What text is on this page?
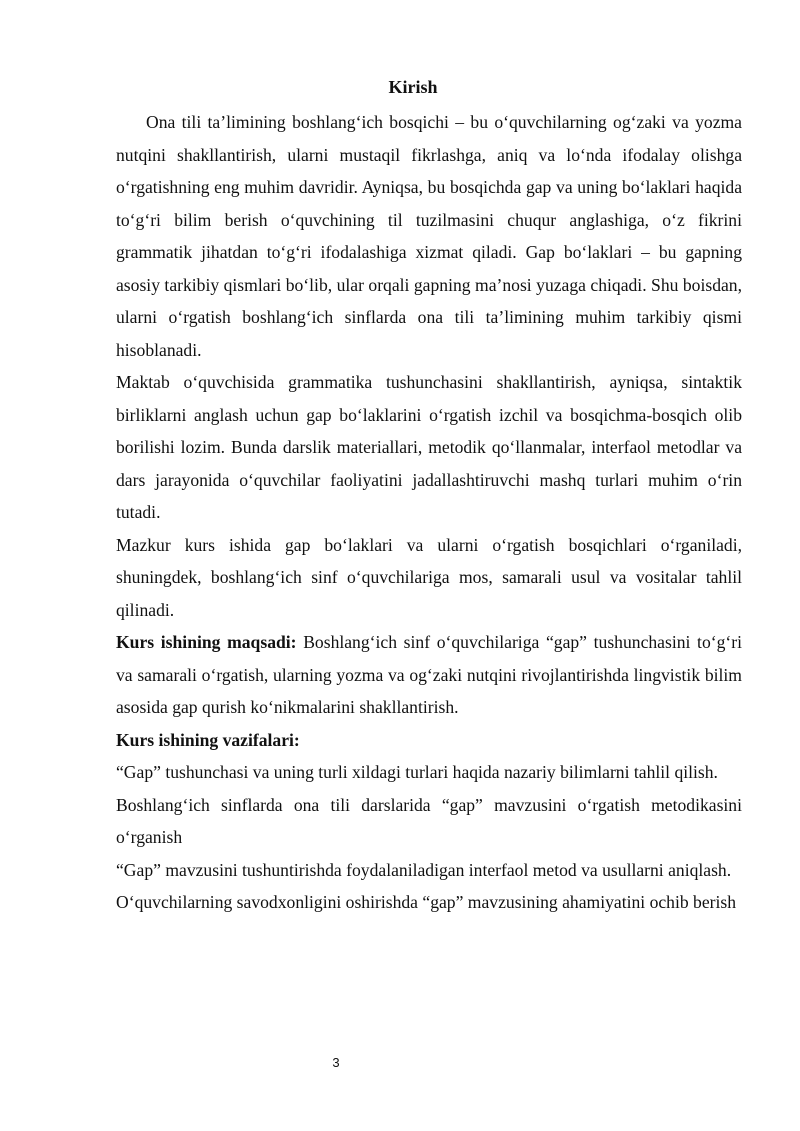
Kirish

Ona tili ta’limining boshlang‘ich bosqichi – bu o‘quvchilarning og‘zaki va yozma nutqini shakllantirish, ularni mustaqil fikrlashga, aniq va lo‘nda ifodalay olishga o‘rgatishning eng muhim davridir. Ayniqsa, bu bosqichda gap va uning bo‘laklari haqida to‘g‘ri bilim berish o‘quvchining til tuzilmasini chuqur anglashiga, o‘z fikrini grammatik jihatdan to‘g‘ri ifodalashiga xizmat qiladi. Gap bo‘laklari – bu gapning asosiy tarkibiy qismlari bo‘lib, ular orqali gapning ma’nosi yuzaga chiqadi. Shu boisdan, ularni o‘rgatish boshlang‘ich sinflarda ona tili ta’limining muhim tarkibiy qismi hisoblanadi.

Maktab o‘quvchisida grammatika tushunchasini shakllantirish, ayniqsa, sintaktik birliklarni anglash uchun gap bo‘laklarini o‘rgatish izchil va bosqichma-bosqich olib borilishi lozim. Bunda darslik materiallari, metodik qo‘llanmalar, interfaol metodlar va dars jarayonida o‘quvchilar faoliyatini jadallashtiruvchi mashq turlari muhim o‘rin tutadi.

Mazkur kurs ishida gap bo‘laklari va ularni o‘rgatish bosqichlari o‘rganiladi, shuningdek, boshlang‘ich sinf o‘quvchilariga mos, samarali usul va vositalar tahlil qilinadi.

Kurs ishining maqsadi: Boshlang‘ich sinf o‘quvchilariga “gap” tushunchasini to‘g‘ri va samarali o‘rgatish, ularning yozma va og‘zaki nutqini rivojlantirishda lingvistik bilim asosida gap qurish ko‘nikmalarini shakllantirish.

Kurs ishining vazifalari:

“Gap” tushunchasi va uning turli xildagi turlari haqida nazariy bilimlarni tahlil qilish.

Boshlang‘ich sinflarda ona tili darslarida “gap” mavzusini o‘rgatish metodikasini o‘rganish

“Gap” mavzusini tushuntirishda foydalaniladigan interfaol metod va usullarni aniqlash.

O‘quvchilarning savodxonligini oshirishda “gap” mavzusining ahamiyatini ochib berish

3
